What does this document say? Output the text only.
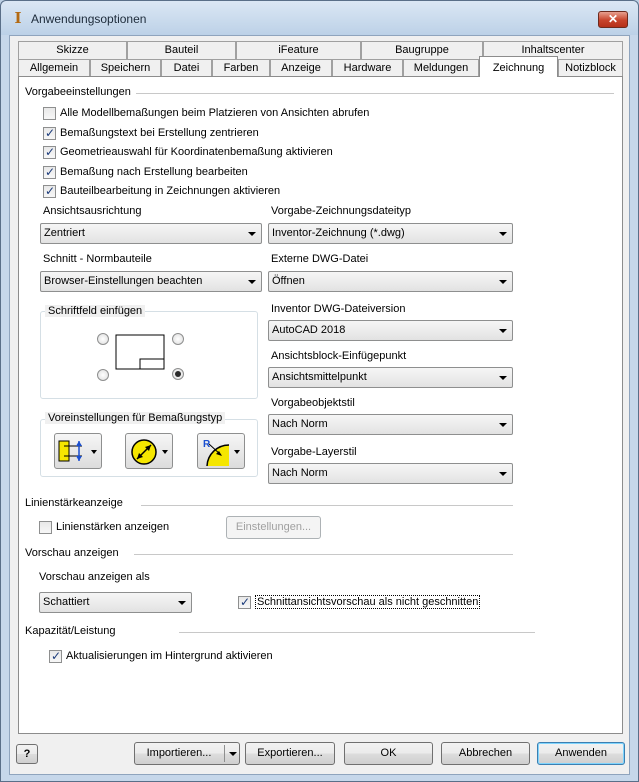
I Anwendungsoptionen	✕
Skizze	Bauteil	iFeature	Baugruppe	Inhaltscenter
Allgemein	Speichern	Datei	Farben	Anzeige	Hardware	Meldungen	Zeichnung	Notizblock
Vorgabeeinstellungen
Alle Modellbemaßungen beim Platzieren von Ansichten abrufen
✓
Bemaßungstext bei Erstellung zentrieren
✓
Geometrieauswahl für Koordinatenbemaßung aktivieren
✓
Bemaßung nach Erstellung bearbeiten
✓
Bauteilbearbeitung in Zeichnungen aktivieren
Ansichtsausrichtung
Zentriert
Schnitt - Normbauteile
Browser-Einstellungen beachten
Schriftfeld einfügen
Voreinstellungen für Bemaßungstyp
R
Vorgabe-Zeichnungsdateityp
Inventor-Zeichnung (*.dwg)
Externe DWG-Datei
Öffnen
Inventor DWG-Dateiversion
AutoCAD 2018
Ansichtsblock-Einfügepunkt
Ansichtsmittelpunkt
Vorgabeobjektstil
Nach Norm
Vorgabe-Layerstil
Nach Norm
Linienstärkeanzeige
Linienstärken anzeigen	Einstellungen...
Vorschau anzeigen
Vorschau anzeigen als
Schattiert
✓	Schnittansichtsvorschau als nicht geschnitten
Kapazität/Leistung
✓
Aktualisierungen im Hintergrund aktivieren
?	Importieren...	Exportieren...	OK	Abbrechen	Anwenden
